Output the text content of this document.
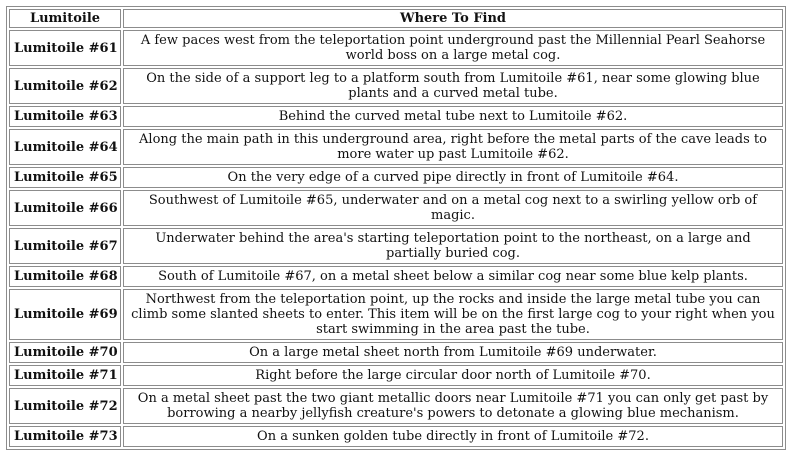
Lumitoile	Where To Find
Lumitoile #61	A few paces west from the teleportation point underground past the Millennial Pearl Seahorse world boss on a large metal cog.
Lumitoile #62	On the side of a support leg to a platform south from Lumitoile #61, near some glowing blue plants and a curved metal tube.
Lumitoile #63	Behind the curved metal tube next to Lumitoile #62.
Lumitoile #64	Along the main path in this underground area, right before the metal parts of the cave leads to more water up past Lumitoile #62.
Lumitoile #65	On the very edge of a curved pipe directly in front of Lumitoile #64.
Lumitoile #66	Southwest of Lumitoile #65, underwater and on a metal cog next to a swirling yellow orb of magic.
Lumitoile #67	Underwater behind the area's starting teleportation point to the northeast, on a large and partially buried cog.
Lumitoile #68	South of Lumitoile #67, on a metal sheet below a similar cog near some blue kelp plants.
Lumitoile #69	Northwest from the teleportation point, up the rocks and inside the large metal tube you can climb some slanted sheets to enter. This item will be on the first large cog to your right when you start swimming in the area past the tube.
Lumitoile #70	On a large metal sheet north from Lumitoile #69 underwater.
Lumitoile #71	Right before the large circular door north of Lumitoile #70.
Lumitoile #72	On a metal sheet past the two giant metallic doors near Lumitoile #71 you can only get past by borrowing a nearby jellyfish creature's powers to detonate a glowing blue mechanism.
Lumitoile #73	On a sunken golden tube directly in front of Lumitoile #72.
